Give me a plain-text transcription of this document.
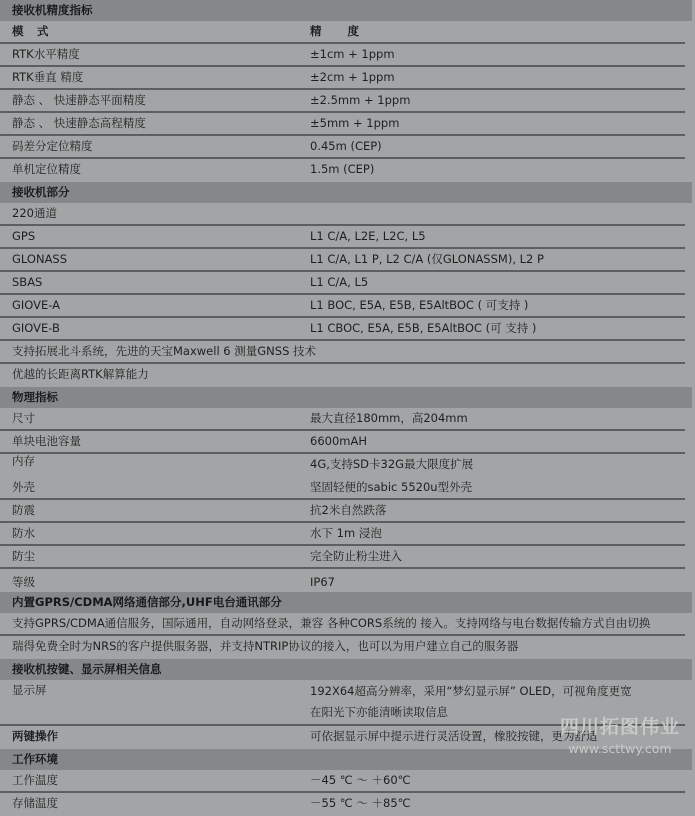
接收机精度指标
模　式	精　　度
RTK水平精度	±1cm + 1ppm
RTK垂直 精度	±2cm + 1ppm
静态 、 快速静态平面精度	±2.5mm + 1ppm
静态 、 快速静态高程精度	±5mm + 1ppm
码差分定位精度	0.45m (CEP)
单机定位精度	1.5m (CEP)
接收机部分
220通道
GPS	L1 C/A, L2E, L2C, L5
GLONASS	L1 C/A, L1 P, L2 C/A (仅GLONASSM), L2 P
SBAS	L1 C/A, L5
GIOVE-A	L1 BOC, E5A, E5B, E5AltBOC ( 可支持 )
GIOVE-B	L1 CBOC, E5A, E5B, E5AltBOC (可 支持 )
支持拓展北斗系统，先进的天宝Maxwell 6 测量GNSS 技术
优越的长距离RTK解算能力
物理指标
尺寸	最大直径180mm，高204mm
单块电池容量	6600mAH
内存	4G,支持SD卡32G最大限度扩展
外壳	坚固轻便的sabic 5520u型外壳
防震	抗2米自然跌落
防水	水下 1m 浸泡
防尘	完全防止粉尘进入
等级	IP67
内置GPRS/CDMA网络通信部分,UHF电台通讯部分
支持GPRS/CDMA通信服务，国际通用，自动网络登录，兼容 各种CORS系统的 接入。支持网络与电台数据传输方式自由切换
瑞得免费全时为NRS的客户提供服务器，并支持NTRIP协议的接入，也可以为用户建立自己的服务器
接收机按键、显示屏相关信息
显示屏	192X64超高分辨率，采用“梦幻显示屏” OLED，可视角度更宽
在阳光下亦能清晰读取信息
两键操作	可依据显示屏中提示进行灵活设置，橡胶按键，更为舒适
工作环境
工作温度	－45 ℃ ～ ＋60℃
存储温度	－55 ℃ ～ ＋85℃
四川拓图伟业
www.scttwy.com
